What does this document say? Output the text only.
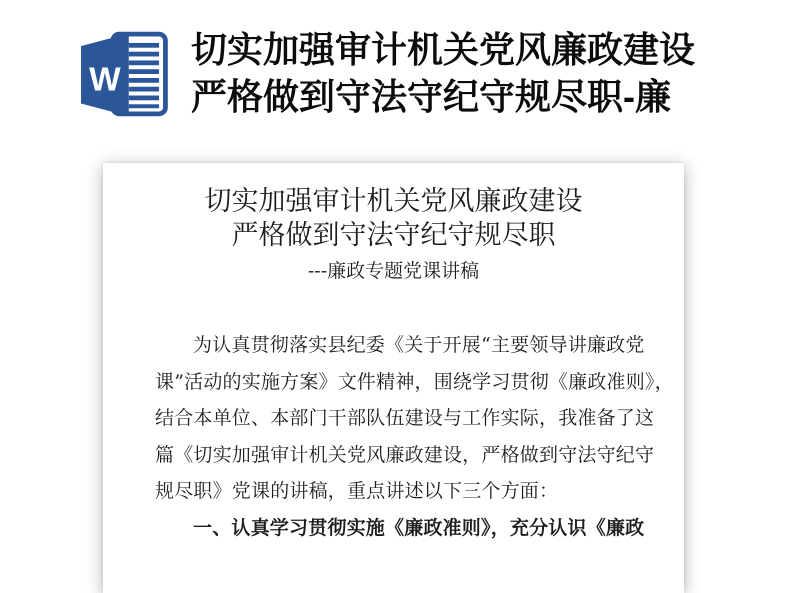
W
切实加强审计机关党风廉政建设
严格做到守法守纪守规尽职-廉
切实加强审计机关党风廉政建设
严格做到守法守纪守规尽职
---廉政专题党课讲稿
为认真贯彻落实县纪委《关于开展“主要领导讲廉政党
课”活动的实施方案》文件精神，围绕学习贯彻《廉政准则》，
结合本单位、本部门干部队伍建设与工作实际，我准备了这
篇《切实加强审计机关党风廉政建设，严格做到守法守纪守
规尽职》党课的讲稿，重点讲述以下三个方面：
一、认真学习贯彻实施《廉政准则》，充分认识《廉政
